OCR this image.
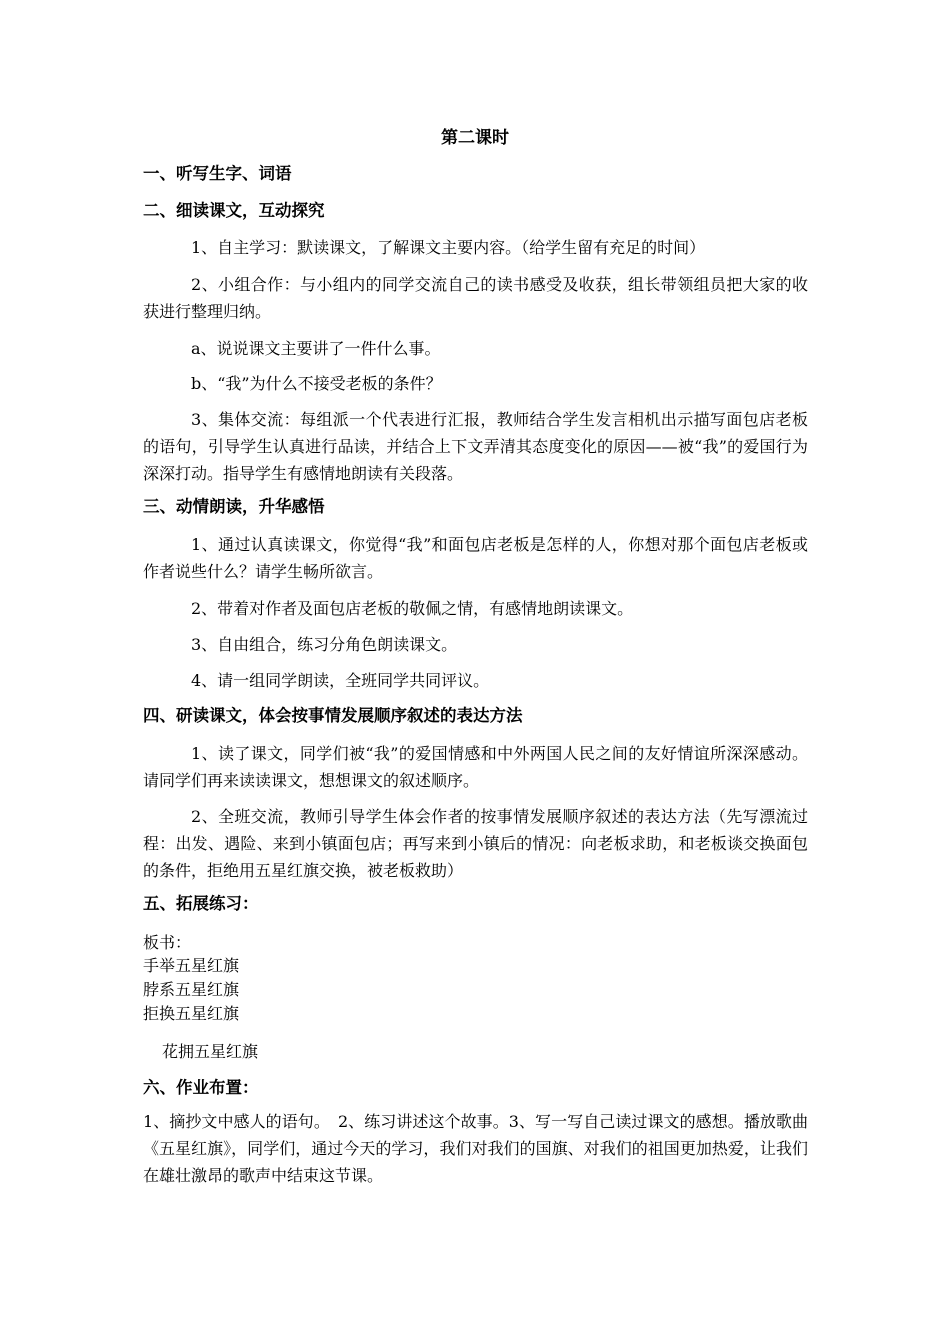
第二课时
一、听写生字、词语
二、细读课文，互动探究
1、自主学习：默读课文，了解课文主要内容。（给学生留有充足的时间）
2、小组合作：与小组内的同学交流自己的读书感受及收获，组长带领组员把大家的收获进行整理归纳。
a、说说课文主要讲了一件什么事。
b、“我”为什么不接受老板的条件？
3、集体交流：每组派一个代表进行汇报，教师结合学生发言相机出示描写面包店老板的语句，引导学生认真进行品读，并结合上下文弄清其态度变化的原因——被“我”的爱国行为深深打动。指导学生有感情地朗读有关段落。
三、动情朗读，升华感悟
1、通过认真读课文，你觉得“我”和面包店老板是怎样的人，你想对那个面包店老板或作者说些什么？请学生畅所欲言。
2、带着对作者及面包店老板的敬佩之情，有感情地朗读课文。
3、自由组合，练习分角色朗读课文。
4、请一组同学朗读，全班同学共同评议。
四、研读课文，体会按事情发展顺序叙述的表达方法
1、读了课文，同学们被“我”的爱国情感和中外两国人民之间的友好情谊所深深感动。请同学们再来读读课文，想想课文的叙述顺序。
2、全班交流，教师引导学生体会作者的按事情发展顺序叙述的表达方法（先写漂流过程：出发、遇险、来到小镇面包店；再写来到小镇后的情况：向老板求助，和老板谈交换面包的条件，拒绝用五星红旗交换，被老板救助）
五、拓展练习：
板书：
手举五星红旗
脖系五星红旗
拒换五星红旗
花拥五星红旗
六、作业布置：
1、摘抄文中感人的语句。　2、练习讲述这个故事。3、写一写自己读过课文的感想。播放歌曲《五星红旗》，同学们，通过今天的学习，我们对我们的国旗、对我们的祖国更加热爱，让我们在雄壮激昂的歌声中结束这节课。
